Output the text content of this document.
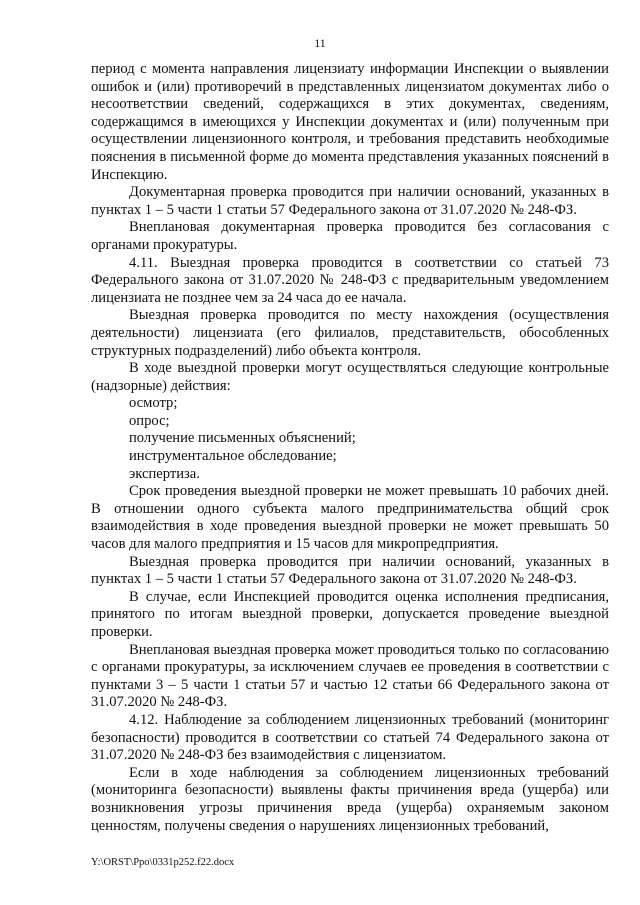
11

период с момента направления лицензиату информации Инспекции о выявлении ошибок и (или) противоречий в представленных лицензиатом документах либо о несоответствии сведений, содержащихся в этих документах, сведениям, содержащимся в имеющихся у Инспекции документах и (или) полученным при осуществлении лицензионного контроля, и требования представить необходимые пояснения в письменной форме до момента представления указанных пояснений в Инспекцию.

Документарная проверка проводится при наличии оснований, указанных в пунктах 1 – 5 части 1 статьи 57 Федерального закона от 31.07.2020 № 248-ФЗ.

Внеплановая документарная проверка проводится без согласования с органами прокуратуры.

4.11. Выездная проверка проводится в соответствии со статьей 73 Федерального закона от 31.07.2020 № 248-ФЗ с предварительным уведомлением лицензиата не позднее чем за 24 часа до ее начала.

Выездная проверка проводится по месту нахождения (осуществления деятельности) лицензиата (его филиалов, представительств, обособленных структурных подразделений) либо объекта контроля.

В ходе выездной проверки могут осуществляться следующие контрольные (надзорные) действия:

осмотр;

опрос;

получение письменных объяснений;

инструментальное обследование;

экспертиза.

Срок проведения выездной проверки не может превышать 10 рабочих дней. В отношении одного субъекта малого предпринимательства общий срок взаимодействия в ходе проведения выездной проверки не может превышать 50 часов для малого предприятия и 15 часов для микропредприятия.

Выездная проверка проводится при наличии оснований, указанных в пунктах 1 – 5 части 1 статьи 57 Федерального закона от 31.07.2020 № 248-ФЗ.

В случае, если Инспекцией проводится оценка исполнения предписания, принятого по итогам выездной проверки, допускается проведение выездной проверки.

Внеплановая выездная проверка может проводиться только по согласованию с органами прокуратуры, за исключением случаев ее проведения в соответствии с пунктами 3 – 5 части 1 статьи 57 и частью 12 статьи 66 Федерального закона от 31.07.2020 № 248-ФЗ.

4.12. Наблюдение за соблюдением лицензионных требований (мониторинг безопасности) проводится в соответствии со статьей 74 Федерального закона от 31.07.2020 № 248-ФЗ без взаимодействия с лицензиатом.

Если в ходе наблюдения за соблюдением лицензионных требований (мониторинга безопасности) выявлены факты причинения вреда (ущерба) или возникновения угрозы причинения вреда (ущерба) охраняемым законом ценностям, получены сведения о нарушениях лицензионных требований,

Y:\ORST\Ppo\0331p252.f22.docx
